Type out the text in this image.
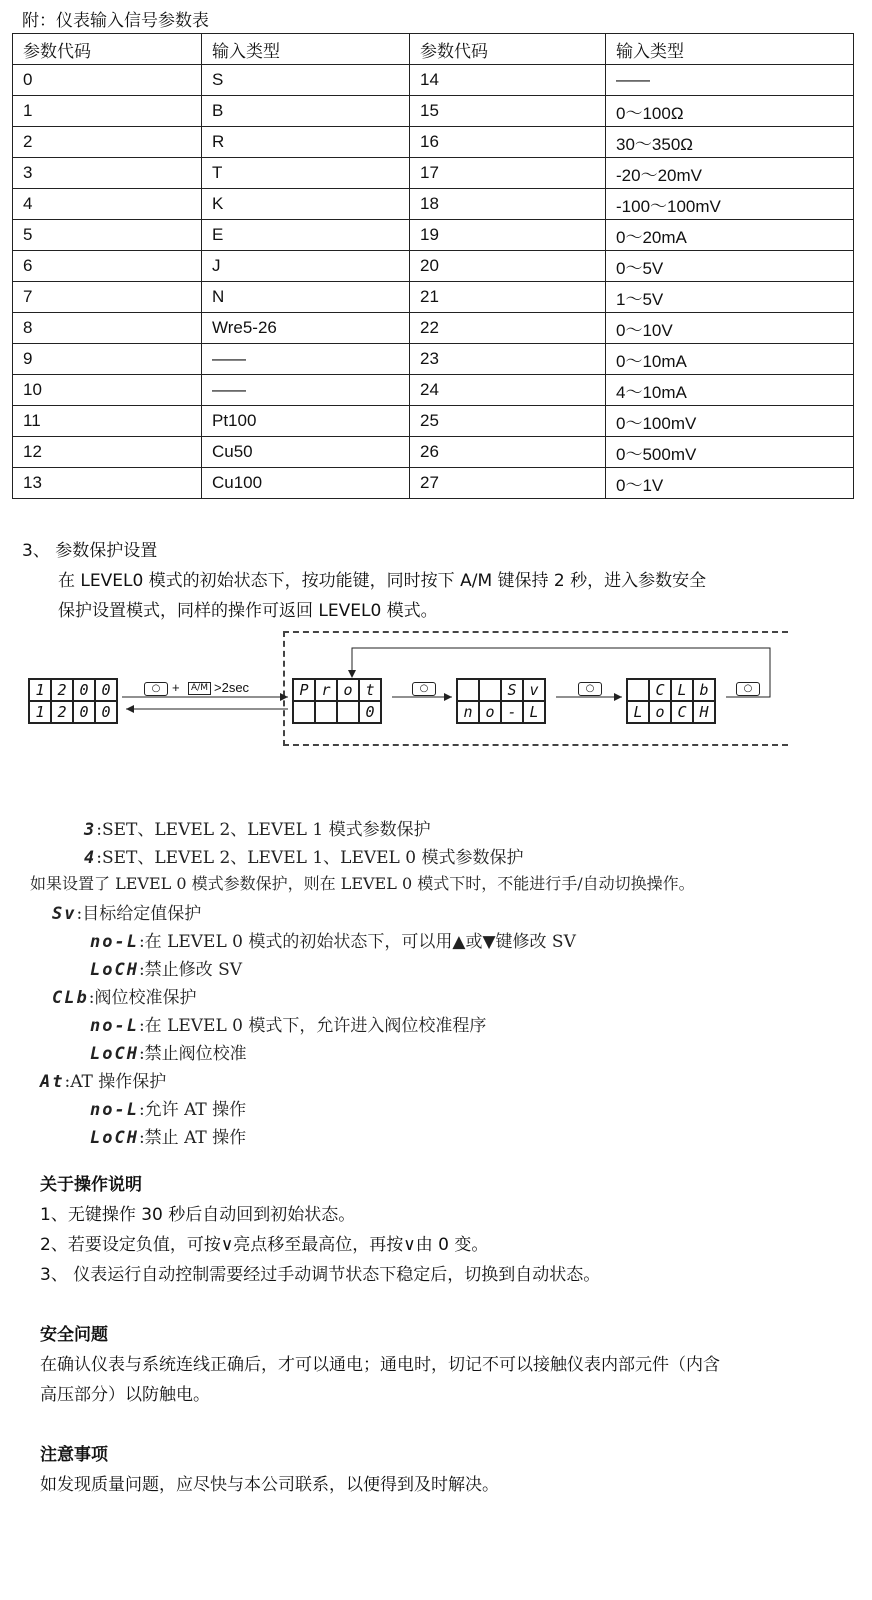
附：仪表输入信号参数表
参数代码	输入类型	参数代码	输入类型
0	S	14	——
1	B	15	0～100Ω
2	R	16	30～350Ω
3	T	17	-20～20mV
4	K	18	-100～100mV
5	E	19	0～20mA
6	J	20	0～5V
7	N	21	1～5V
8	Wre5-26	22	0～10V
9	——	23	0～10mA
10	——	24	4～10mA
11	Pt100	25	0～100mV
12	Cu50	26	0～500mV
13	Cu100	27	0～1V
3、 参数保护设置
在 LEVEL0 模式的初始状态下，按功能键，同时按下 A/M 键保持 2 秒，进入参数安全
保护设置模式，同样的操作可返回 LEVEL0 模式。
1 2 0 0
1 2 0 0
○
+	A/M >2sec	P r o t
0
○
S v
n o - L
○
C L b
L o C H
○
3:SET、LEVEL 2、LEVEL 1 模式参数保护
4:SET、LEVEL 2、LEVEL 1、LEVEL 0 模式参数保护
如果设置了 LEVEL 0 模式参数保护，则在 LEVEL 0 模式下时，不能进行手/自动切换操作。
Sv:目标给定值保护
no-L:在 LEVEL 0 模式的初始状态下，可以用▲或▼键修改 SV
LoCH:禁止修改 SV
CLb:阀位校准保护
no-L:在 LEVEL 0 模式下，允许进入阀位校准程序
LoCH:禁止阀位校准
At:AT 操作保护
no-L:允许 AT 操作
LoCH:禁止 AT 操作
关于操作说明
1、无键操作 30 秒后自动回到初始状态。
2、若要设定负值，可按∨亮点移至最高位，再按∨由 0 变。
3、 仪表运行自动控制需要经过手动调节状态下稳定后，切换到自动状态。
安全问题
在确认仪表与系统连线正确后，才可以通电；通电时，切记不可以接触仪表内部元件（内含
高压部分）以防触电。
注意事项
如发现质量问题，应尽快与本公司联系，以便得到及时解决。
